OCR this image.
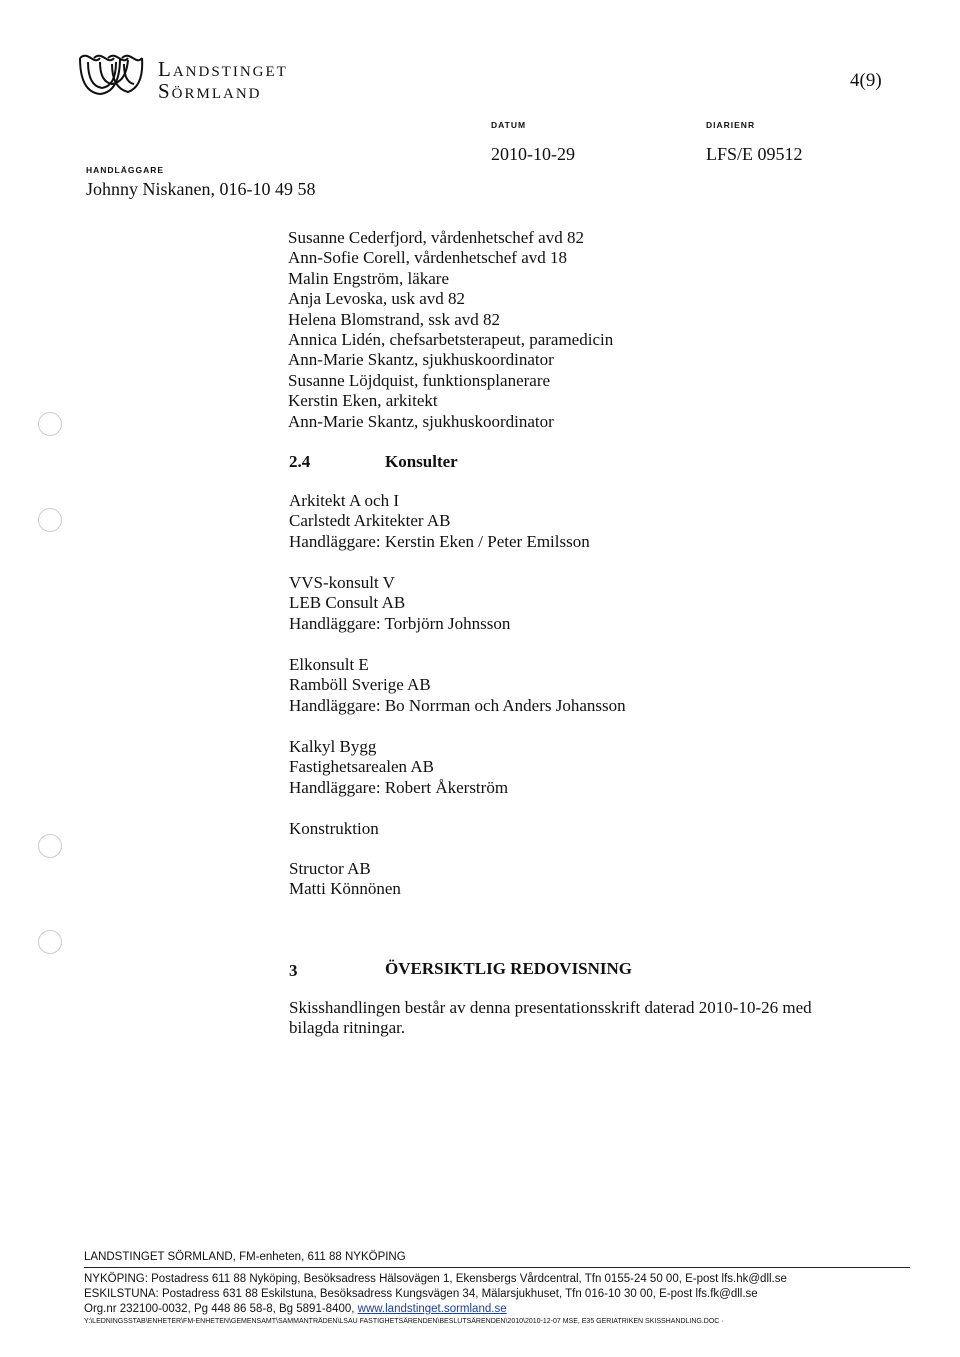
Landstinget
Sörmland	4(9)
DATUM
2010-10-29
DIARIENR
LFS/E 09512
HANDLÄGGARE
Johnny Niskanen, 016-10 49 58
Susanne Cederfjord, vårdenhetschef avd 82
Ann-Sofie Corell, vårdenhetschef avd 18
Malin Engström, läkare
Anja Levoska, usk avd 82
Helena Blomstrand, ssk avd 82
Annica Lidén, chefsarbetsterapeut, paramedicin
Ann-Marie Skantz, sjukhuskoordinator
Susanne Löjdquist, funktionsplanerare
Kerstin Eken, arkitekt
Ann-Marie Skantz, sjukhuskoordinator
2.4	Konsulter
Arkitekt A och I
Carlstedt Arkitekter AB
Handläggare: Kerstin Eken / Peter Emilsson
VVS-konsult V
LEB Consult AB
Handläggare: Torbjörn Johnsson
Elkonsult E
Ramböll Sverige AB
Handläggare: Bo Norrman och Anders Johansson
Kalkyl Bygg
Fastighetsarealen AB
Handläggare: Robert Åkerström
Konstruktion
Structor AB
Matti Könnönen
3	ÖVERSIKTLIG REDOVISNING
Skisshandlingen består av denna presentationsskrift daterad 2010-10-26 med
bilagda ritningar.
LANDSTINGET SÖRMLAND, FM-enheten, 611 88 NYKÖPING
NYKÖPING: Postadress 611 88 Nyköping, Besöksadress Hälsovägen 1, Ekensbergs Vårdcentral, Tfn 0155-24 50 00, E-post lfs.hk@dll.se
ESKILSTUNA: Postadress 631 88 Eskilstuna, Besöksadress Kungsvägen 34, Mälarsjukhuset, Tfn 016-10 30 00, E-post lfs.fk@dll.se
Org.nr 232100-0032, Pg 448 86 58-8, Bg 5891-8400, www.landstinget.sormland.se
Y:\LEDNINGSSTAB\ENHETER\FM-ENHETEN\GEMENSAMT\SAMMANTRÄDEN\LSAU FASTIGHETSÄRENDEN\BESLUTSÄRENDEN\2010\2010-12-07 MSE, E35 GERIATRIKEN SKISSHANDLING.DOC ·
